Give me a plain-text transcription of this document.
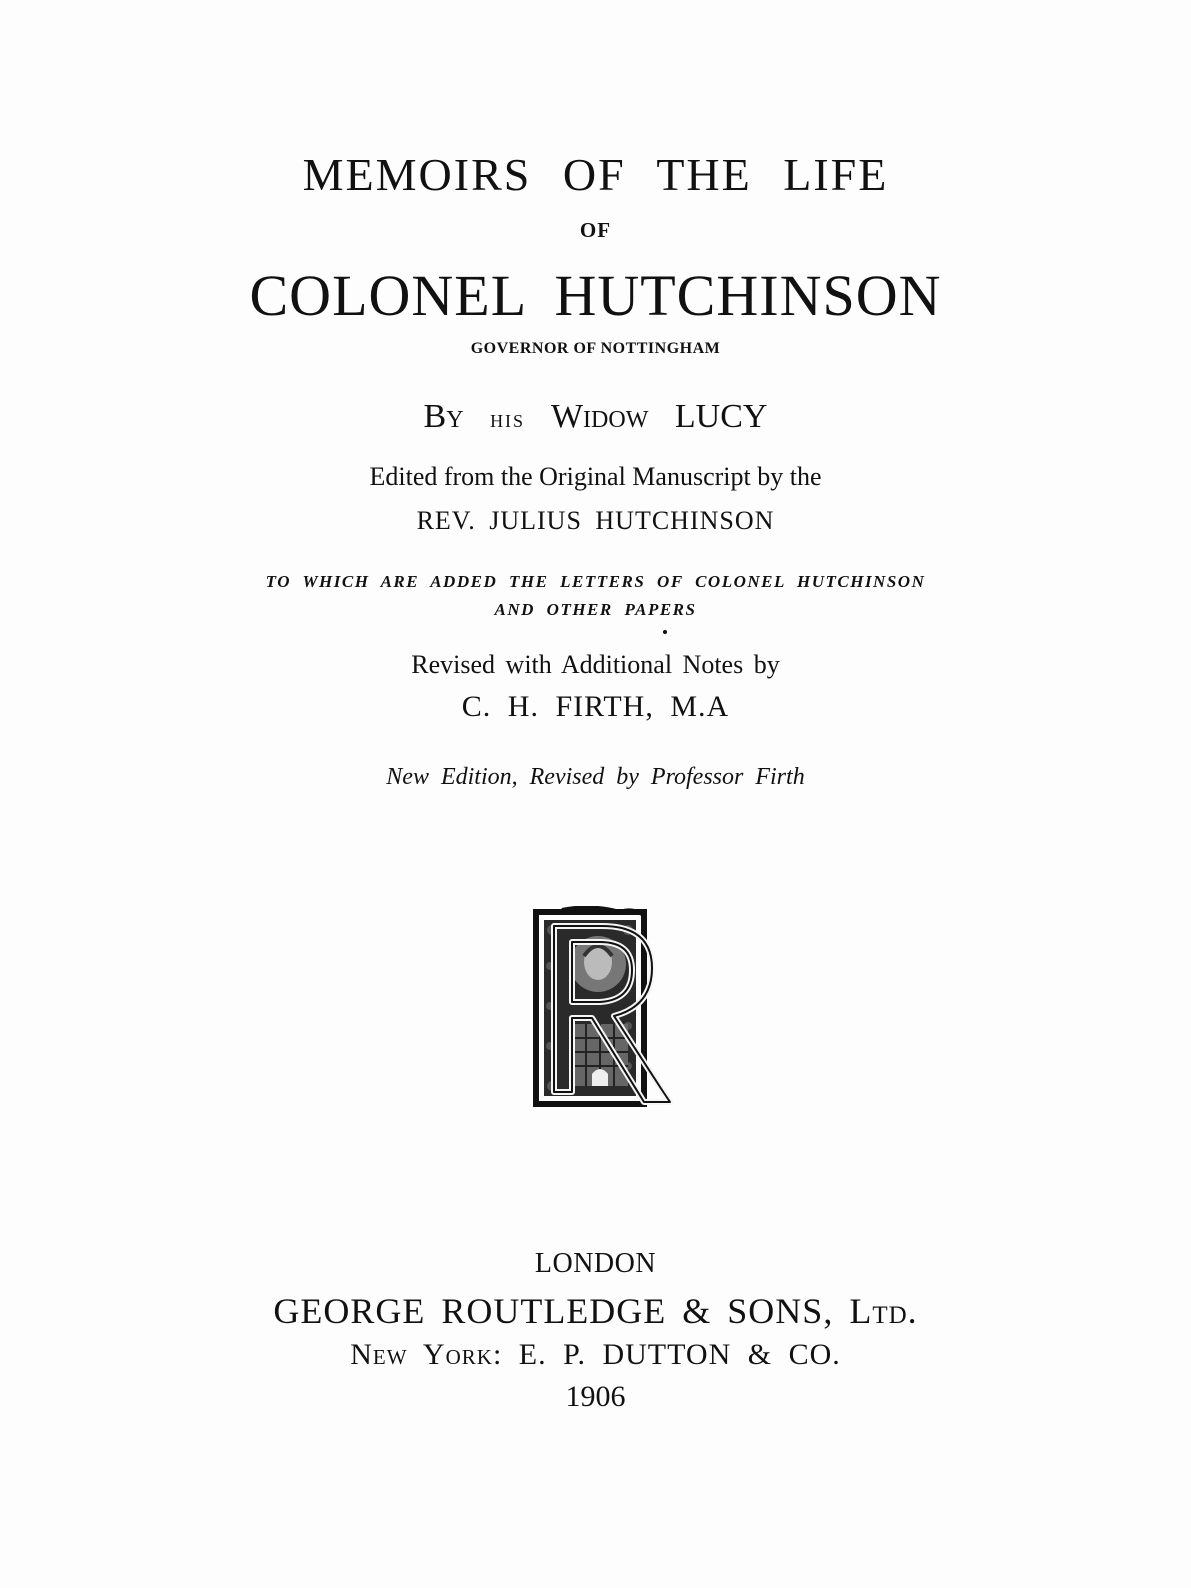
MEMOIRS OF THE LIFE
OF
COLONEL HUTCHINSON
GOVERNOR OF NOTTINGHAM
By his Widow LUCY
Edited from the Original Manuscript by the
REV. JULIUS HUTCHINSON
TO WHICH ARE ADDED THE LETTERS OF COLONEL HUTCHINSON
AND OTHER PAPERS
Revised with Additional Notes by
C. H. FIRTH, M.A
New Edition, Revised by Professor Firth
LONDON
GEORGE ROUTLEDGE & SONS, Ltd.
New York: E. P. DUTTON & CO.
1906
